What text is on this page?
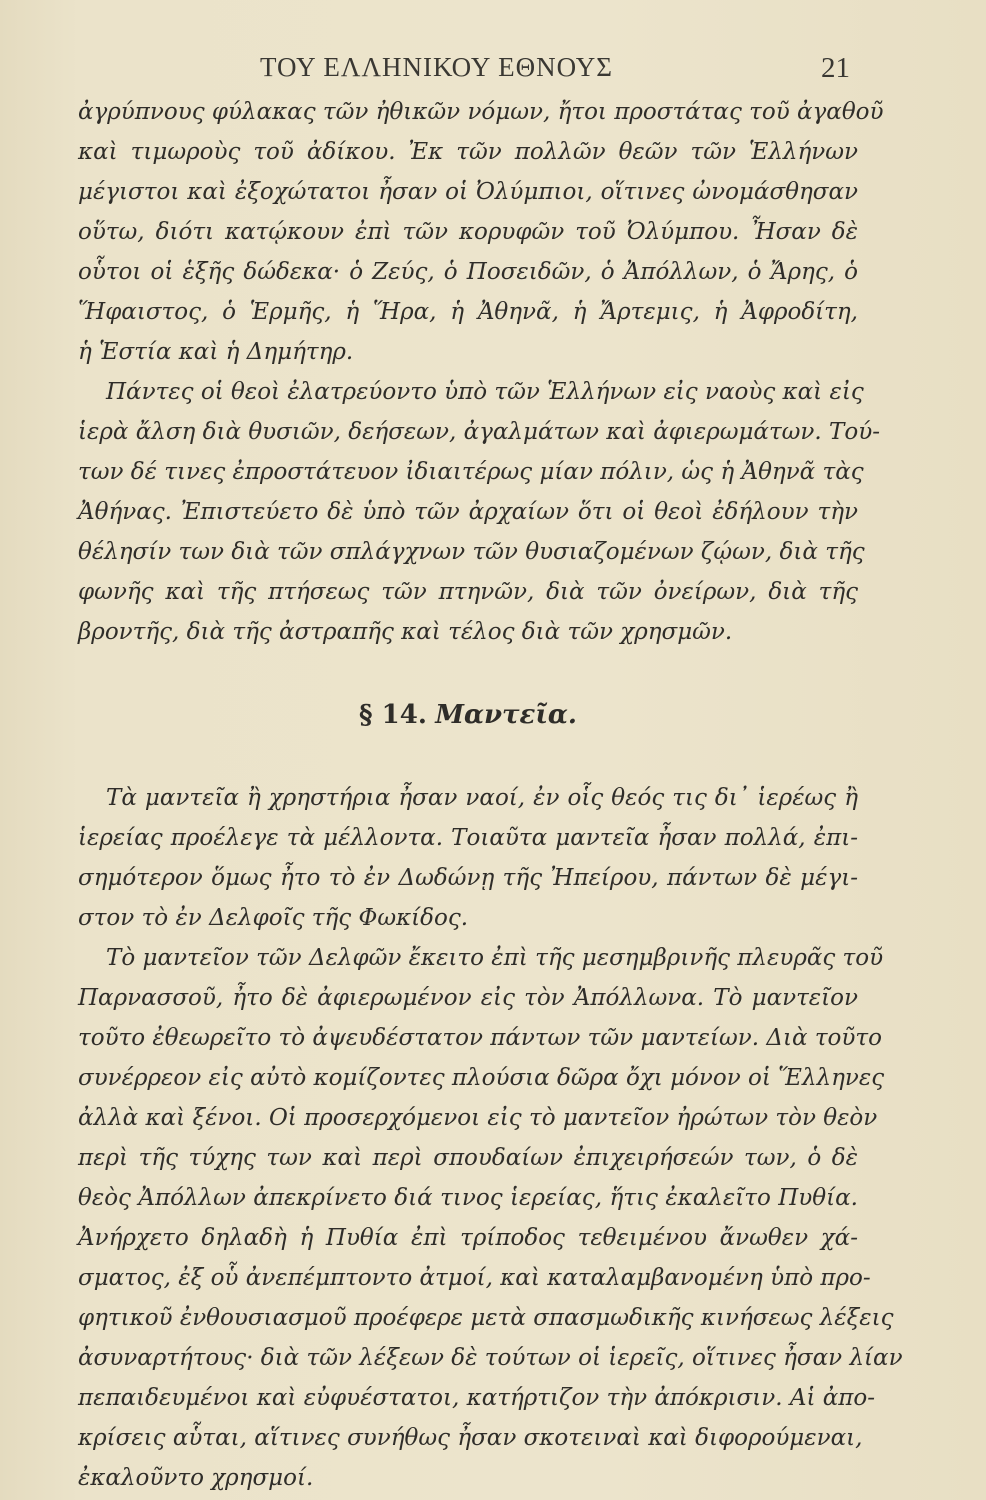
ΤΟΥ ΕΛΛΗΝΙΚΟΥ ΕΘΝΟΥΣ	21
ἀγρύπνους φύλακας τῶν ἠθικῶν νόμων, ἤτοι προστάτας τοῦ ἀγαθοῦ
καὶ τιμωροὺς τοῦ ἀδίκου. Ἐκ τῶν πολλῶν θεῶν τῶν Ἑλλήνων
μέγιστοι καὶ ἐξοχώτατοι ἦσαν οἱ Ὀλύμπιοι, οἵτινες ὠνομάσθησαν
οὕτω, διότι κατῴκουν ἐπὶ τῶν κορυφῶν τοῦ Ὀλύμπου. Ἦσαν δὲ
οὗτοι οἱ ἑξῆς δώδεκα· ὁ Ζεύς, ὁ Ποσειδῶν, ὁ Ἀπόλλων, ὁ Ἄρης, ὁ
Ἥφαιστος, ὁ Ἑρμῆς, ἡ Ἥρα, ἡ Ἀθηνᾶ, ἡ Ἄρτεμις, ἡ Ἀφροδίτη,
ἡ Ἑστία καὶ ἡ Δημήτηρ.
Πάντες οἱ θεοὶ ἐλατρεύοντο ὑπὸ τῶν Ἑλλήνων εἰς ναοὺς καὶ εἰς
ἱερὰ ἄλση διὰ θυσιῶν, δεήσεων, ἀγαλμάτων καὶ ἀφιερωμάτων. Τού-
των δέ τινες ἐπροστάτευον ἰδιαιτέρως μίαν πόλιν, ὡς ἡ Ἀθηνᾶ τὰς
Ἀθήνας. Ἐπιστεύετο δὲ ὑπὸ τῶν ἀρχαίων ὅτι οἱ θεοὶ ἐδήλουν τὴν
θέλησίν των διὰ τῶν σπλάγχνων τῶν θυσιαζομένων ζῴων, διὰ τῆς
φωνῆς καὶ τῆς πτήσεως τῶν πτηνῶν, διὰ τῶν ὀνείρων, διὰ τῆς
βροντῆς, διὰ τῆς ἀστραπῆς καὶ τέλος διὰ τῶν χρησμῶν.
§ 14. Μαντεῖα.
Τὰ μαντεῖα ἢ χρηστήρια ἦσαν ναοί, ἐν οἷς θεός τις δι᾽ ἱερέως ἢ
ἱερείας προέλεγε τὰ μέλλοντα. Τοιαῦτα μαντεῖα ἦσαν πολλά, ἐπι-
σημότερον ὅμως ἦτο τὸ ἐν Δωδώνῃ τῆς Ἠπείρου, πάντων δὲ μέγι-
στον τὸ ἐν Δελφοῖς τῆς Φωκίδος.
Τὸ μαντεῖον τῶν Δελφῶν ἔκειτο ἐπὶ τῆς μεσημβρινῆς πλευρᾶς τοῦ
Παρνασσοῦ, ἦτο δὲ ἀφιερωμένον εἰς τὸν Ἀπόλλωνα. Τὸ μαντεῖον
τοῦτο ἐθεωρεῖτο τὸ ἀψευδέστατον πάντων τῶν μαντείων. Διὰ τοῦτο
συνέρρεον εἰς αὐτὸ κομίζοντες πλούσια δῶρα ὄχι μόνον οἱ Ἕλληνες
ἀλλὰ καὶ ξένοι. Οἱ προσερχόμενοι εἰς τὸ μαντεῖον ἠρώτων τὸν θεὸν
περὶ τῆς τύχης των καὶ περὶ σπουδαίων ἐπιχειρήσεών των, ὁ δὲ
θεὸς Ἀπόλλων ἀπεκρίνετο διά τινος ἱερείας, ἥτις ἐκαλεῖτο Πυθία.
Ἀνήρχετο δηλαδὴ ἡ Πυθία ἐπὶ τρίποδος τεθειμένου ἄνωθεν χά-
σματος, ἐξ οὗ ἀνεπέμπτοντο ἀτμοί, καὶ καταλαμβανομένη ὑπὸ προ-
φητικοῦ ἐνθουσιασμοῦ προέφερε μετὰ σπασμωδικῆς κινήσεως λέξεις
ἀσυναρτήτους· διὰ τῶν λέξεων δὲ τούτων οἱ ἱερεῖς, οἵτινες ἦσαν λίαν
πεπαιδευμένοι καὶ εὐφυέστατοι, κατήρτιζον τὴν ἀπόκρισιν. Αἱ ἀπο-
κρίσεις αὗται, αἵτινες συνήθως ἦσαν σκοτειναὶ καὶ διφορούμεναι,
ἐκαλοῦντο χρησμοί.
